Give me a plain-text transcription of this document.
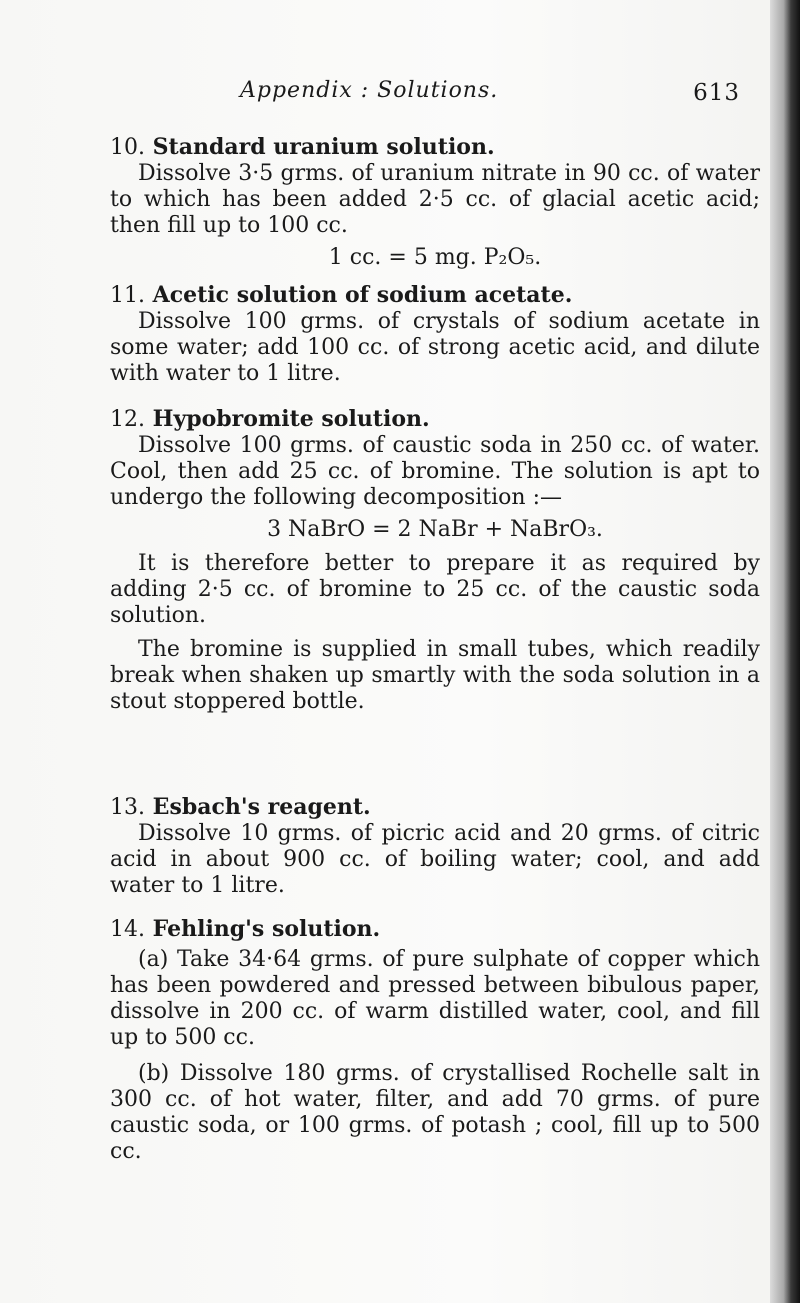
Appendix : Solutions.	613
10. Standard uranium solution.

Dissolve 3·5 grms. of uranium nitrate in 90 cc. of water to which has been added 2·5 cc. of glacial acetic acid; then fill up to 100 cc.

1 cc. = 5 mg. P₂O₅.

11. Acetic solution of sodium acetate.

Dissolve 100 grms. of crystals of sodium acetate in some water; add 100 cc. of strong acetic acid, and dilute with water to 1 litre.

12. Hypobromite solution.

Dissolve 100 grms. of caustic soda in 250 cc. of water. Cool, then add 25 cc. of bromine. The solution is apt to undergo the following decomposition :—

3 NaBrO = 2 NaBr + NaBrO₃.

It is therefore better to prepare it as required by adding 2·5 cc. of bromine to 25 cc. of the caustic soda solution.

The bromine is supplied in small tubes, which readily break when shaken up smartly with the soda solution in a stout stoppered bottle.

13. Esbach's reagent.

Dissolve 10 grms. of picric acid and 20 grms. of citric acid in about 900 cc. of boiling water; cool, and add water to 1 litre.

14. Fehling's solution.

(a) Take 34·64 grms. of pure sulphate of copper which has been powdered and pressed between bibulous paper, dissolve in 200 cc. of warm distilled water, cool, and fill up to 500 cc.

(b) Dissolve 180 grms. of crystallised Rochelle salt in 300 cc. of hot water, filter, and add 70 grms. of pure caustic soda, or 100 grms. of potash ; cool, fill up to 500 cc.
